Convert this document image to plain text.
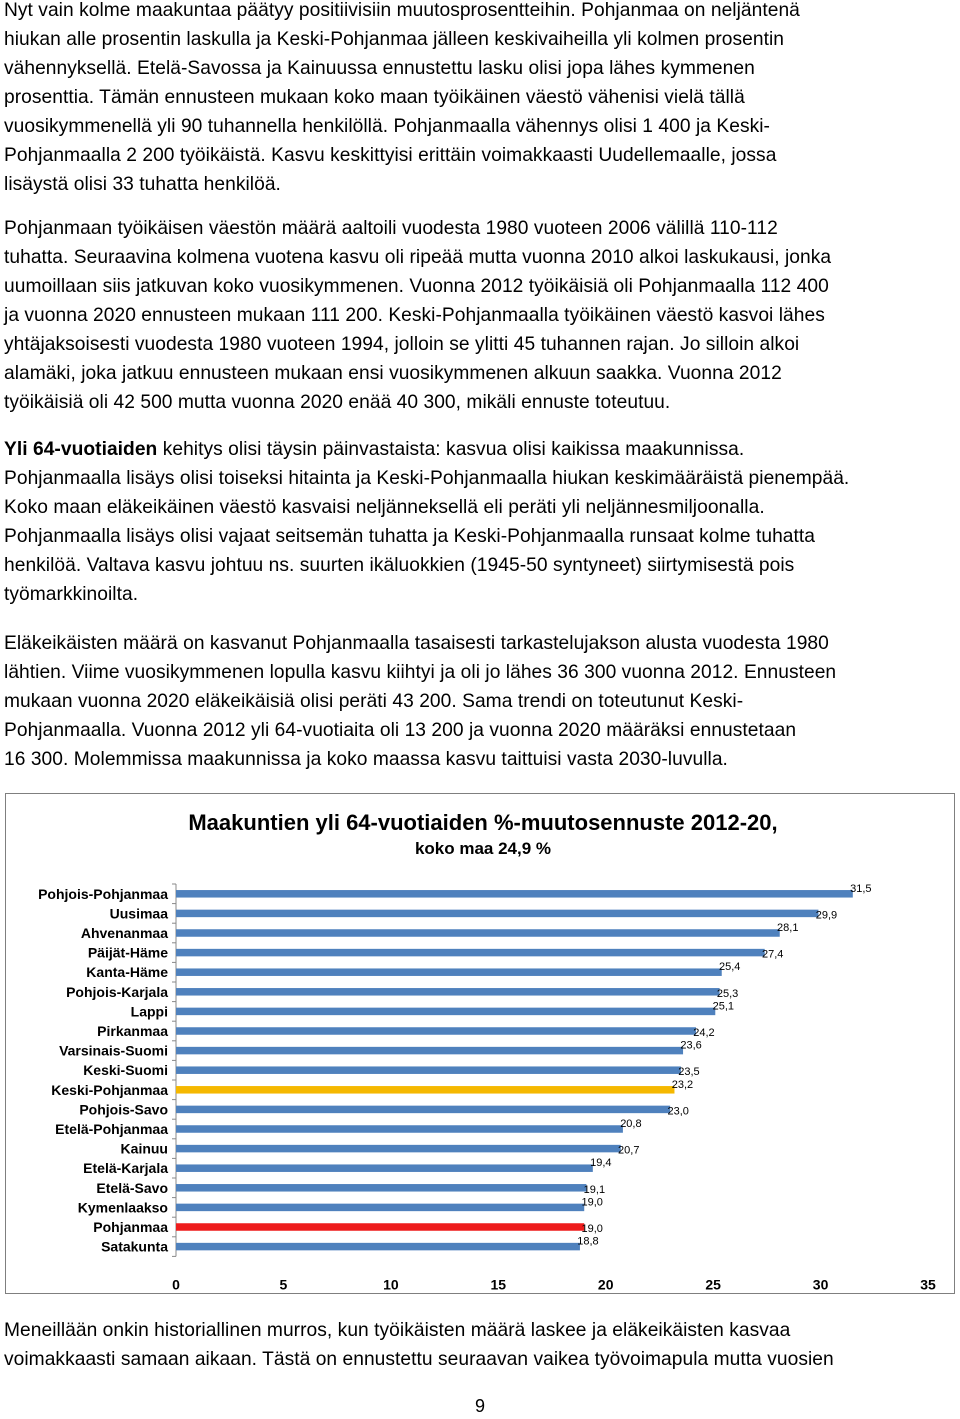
Nyt vain kolme maakuntaa päätyy positiivisiin muutosprosentteihin. Pohjanmaa on neljäntenä
hiukan alle prosentin laskulla ja Keski-Pohjanmaa jälleen keskivaiheilla yli kolmen prosentin
vähennyksellä. Etelä-Savossa ja Kainuussa ennustettu lasku olisi jopa lähes kymmenen
prosenttia. Tämän ennusteen mukaan koko maan työikäinen väestö vähenisi vielä tällä
vuosikymmenellä yli 90 tuhannella henkilöllä. Pohjanmaalla vähennys olisi 1 400 ja Keski-
Pohjanmaalla 2 200 työikäistä. Kasvu keskittyisi erittäin voimakkaasti Uudellemaalle, jossa
lisäystä olisi 33 tuhatta henkilöä.
Pohjanmaan työikäisen väestön määrä aaltoili vuodesta 1980 vuoteen 2006 välillä 110-112
tuhatta. Seuraavina kolmena vuotena kasvu oli ripeää mutta vuonna 2010 alkoi laskukausi, jonka
uumoillaan siis jatkuvan koko vuosikymmenen. Vuonna 2012 työikäisiä oli Pohjanmaalla 112 400
ja vuonna 2020 ennusteen mukaan 111 200. Keski-Pohjanmaalla työikäinen väestö kasvoi lähes
yhtäjaksoisesti vuodesta 1980 vuoteen 1994, jolloin se ylitti 45 tuhannen rajan. Jo silloin alkoi
alamäki, joka jatkuu ennusteen mukaan ensi vuosikymmenen alkuun saakka. Vuonna 2012
työikäisiä oli 42 500 mutta vuonna 2020 enää 40 300, mikäli ennuste toteutuu.
Yli 64-vuotiaiden kehitys olisi täysin päinvastaista: kasvua olisi kaikissa maakunnissa.
Pohjanmaalla lisäys olisi toiseksi hitainta ja Keski-Pohjanmaalla hiukan keskimääräistä pienempää.
Koko maan eläkeikäinen väestö kasvaisi neljänneksellä eli peräti yli neljännesmiljoonalla.
Pohjanmaalla lisäys olisi vajaat seitsemän tuhatta ja Keski-Pohjanmaalla runsaat kolme tuhatta
henkilöä. Valtava kasvu johtuu ns. suurten ikäluokkien (1945-50 syntyneet) siirtymisestä pois
työmarkkinoilta.
Eläkeikäisten määrä on kasvanut Pohjanmaalla tasaisesti tarkastelujakson alusta vuodesta 1980
lähtien. Viime vuosikymmenen lopulla kasvu kiihtyi ja oli jo lähes 36 300 vuonna 2012. Ennusteen
mukaan vuonna 2020 eläkeikäisiä olisi peräti 43 200. Sama trendi on toteutunut Keski-
Pohjanmaalla. Vuonna 2012 yli 64-vuotiaita oli 13 200 ja vuonna 2020 määräksi ennustetaan
16 300. Molemmissa maakunnissa ja koko maassa kasvu taittuisi vasta 2030-luvulla.
Meneillään onkin historiallinen murros, kun työikäisten määrä laskee ja eläkeikäisten kasvaa
voimakkaasti samaan aikaan. Tästä on ennustettu seuraavan vaikea työvoimapula mutta vuosien
Maakuntien yli 64-vuotiaiden %-muutosennuste 2012-20,
koko maa 24,9 %
Pohjois-Pohjanmaa	31,5
Uusimaa	29,9
Ahvenanmaa	28,1
Päijät-Häme	27,4
Kanta-Häme	25,4
Pohjois-Karjala	25,3
Lappi	25,1
Pirkanmaa	24,2
Varsinais-Suomi	23,6
Keski-Suomi	23,5
Keski-Pohjanmaa	23,2
Pohjois-Savo	23,0
Etelä-Pohjanmaa	20,8
Kainuu	20,7
Etelä-Karjala	19,4
Etelä-Savo	19,1
Kymenlaakso	19,0
Pohjanmaa	19,0
Satakunta	18,8
0	5	10	15	20	25	30	35
9
